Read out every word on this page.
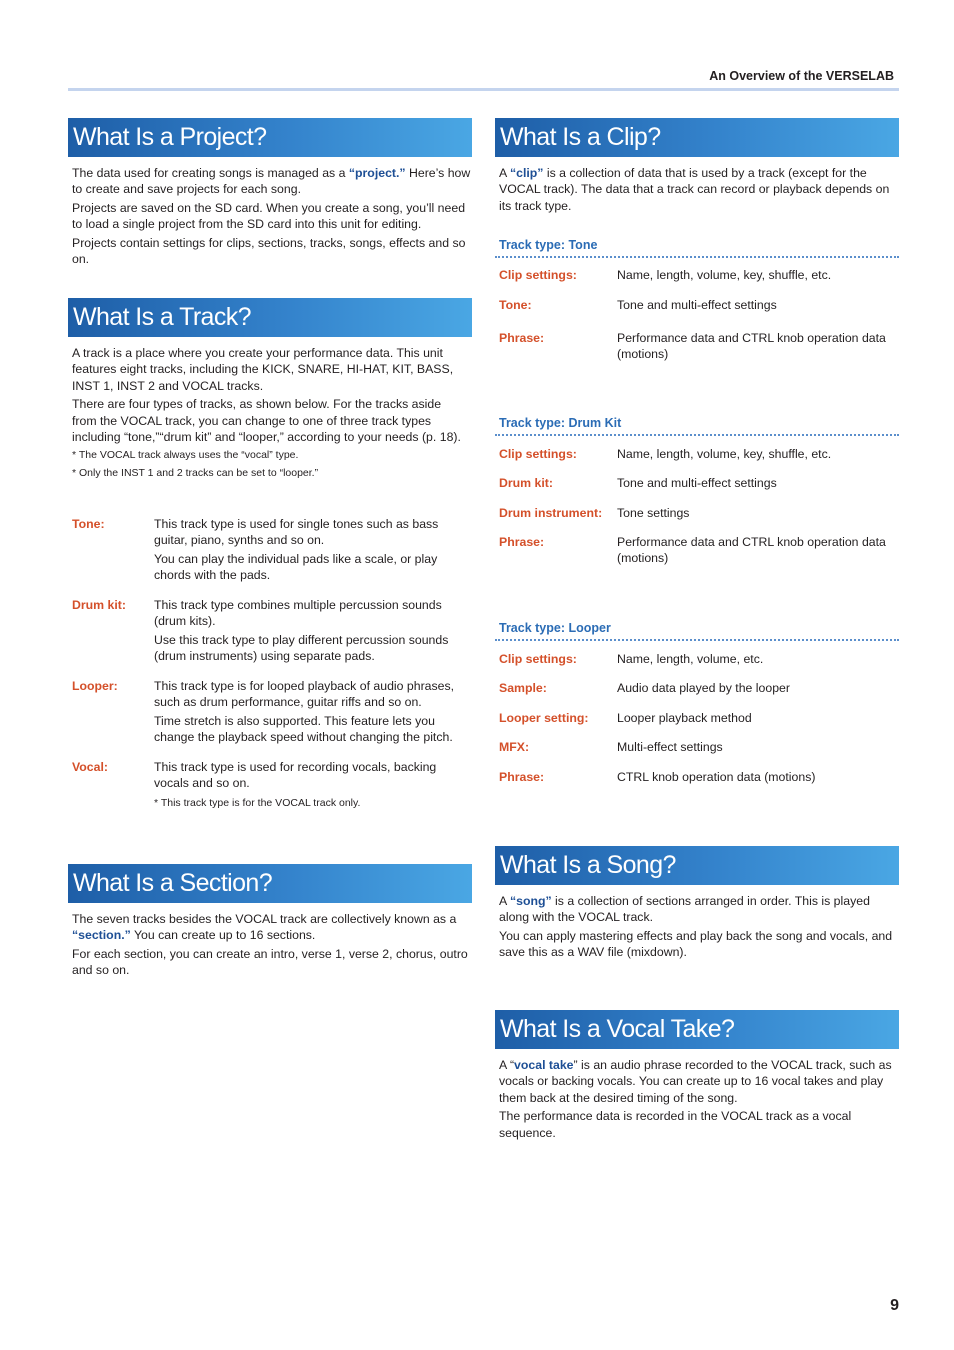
An Overview of the VERSELAB
What Is a Project?

The data used for creating songs is managed as a “project.” Here’s how to create and save projects for each song.

Projects are saved on the SD card. When you create a song, you’ll need to load a single project from the SD card into this unit for editing.

Projects contain settings for clips, sections, tracks, songs, effects and so on.

What Is a Track?

A track is a place where you create your performance data. This unit features eight tracks, including the KICK, SNARE, HI-HAT, KIT, BASS, INST 1, INST 2 and VOCAL tracks.

There are four types of tracks, as shown below. For the tracks aside from the VOCAL track, you can change to one of three track types including “tone,”“drum kit” and “looper,” according to your needs (p. 18).

* The VOCAL track always uses the “vocal” type.

* Only the INST 1 and 2 tracks can be set to “looper.”

Tone:	This track type is used for single tones such as bass guitar, piano, synths and so on.

You can play the individual pads like a scale, or play chords with the pads.

Drum kit: This track type combines multiple percussion sounds (drum kits).

Use this track type to play different percussion sounds (drum instruments) using separate pads.

Looper:	This track type is for looped playback of audio phrases, such as drum performance, guitar riffs and so on.

Time stretch is also supported. This feature lets you change the playback speed without changing the pitch.

Vocal:	This track type is used for recording vocals, backing vocals and so on.

* This track type is for the VOCAL track only.

What Is a Section?

The seven tracks besides the VOCAL track are collectively known as a “section.” You can create up to 16 sections.

For each section, you can create an intro, verse 1, verse 2, chorus, outro and so on.

What Is a Clip?

A “clip” is a collection of data that is used by a track (except for the VOCAL track). The data that a track can record or playback depends on its track type.

Track type: Tone
Clip settings:	Name, length, volume, key, shuffle, etc.
Tone:	Tone and multi-effect settings
Phrase:	Performance data and CTRL knob operation data (motions)
Track type: Drum Kit
Clip settings:	Name, length, volume, key, shuffle, etc.
Drum kit:	Tone and multi-effect settings
Drum instrument: Tone settings
Phrase:	Performance data and CTRL knob operation data (motions)
Track type: Looper
Clip settings:	Name, length, volume, etc.
Sample:	Audio data played by the looper
Looper setting: Looper playback method
MFX:	Multi-effect settings
Phrase:	CTRL knob operation data (motions)
What Is a Song?

A “song” is a collection of sections arranged in order. This is played along with the VOCAL track.

You can apply mastering effects and play back the song and vocals, and save this as a WAV file (mixdown).

What Is a Vocal Take?

A “vocal take” is an audio phrase recorded to the VOCAL track, such as vocals or backing vocals. You can create up to 16 vocal takes and play them back at the desired timing of the song.

The performance data is recorded in the VOCAL track as a vocal sequence.

9
